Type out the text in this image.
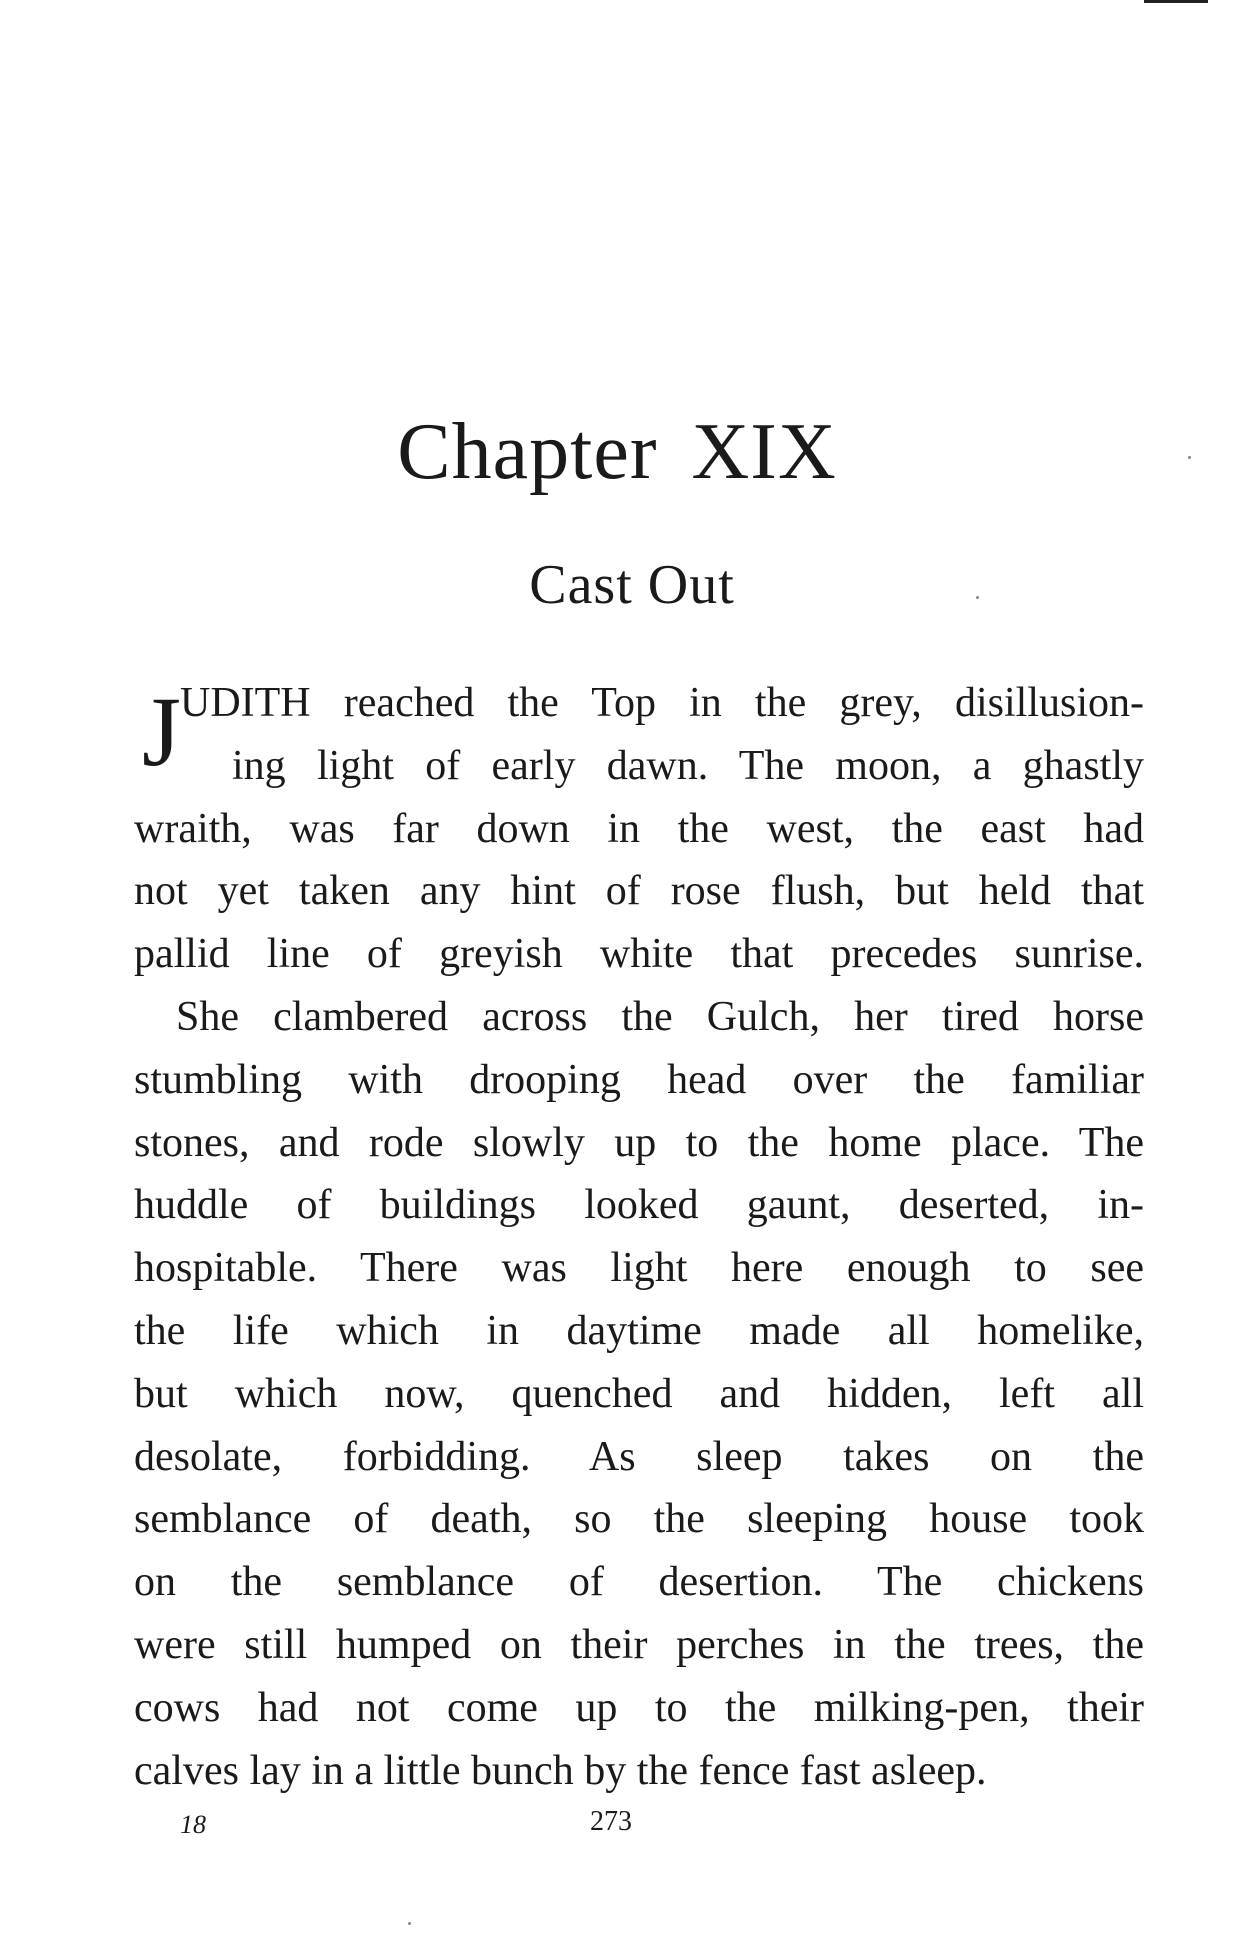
Chapter XIX
Cast Out
J UDITH reached the Top in the grey, disillusion-
ing light of early dawn. The moon, a ghastly
wraith, was far down in the west, the east had
not yet taken any hint of rose flush, but held that
pallid line of greyish white that precedes sunrise.
She clambered across the Gulch, her tired horse
stumbling with drooping head over the familiar
stones, and rode slowly up to the home place. The
huddle of buildings looked gaunt, deserted, in-
hospitable. There was light here enough to see
the life which in daytime made all homelike,
but which now, quenched and hidden, left all
desolate, forbidding. As sleep takes on the
semblance of death, so the sleeping house took
on the semblance of desertion. The chickens
were still humped on their perches in the trees, the
cows had not come up to the milking-pen, their
calves lay in a little bunch by the fence fast asleep.
18	273
